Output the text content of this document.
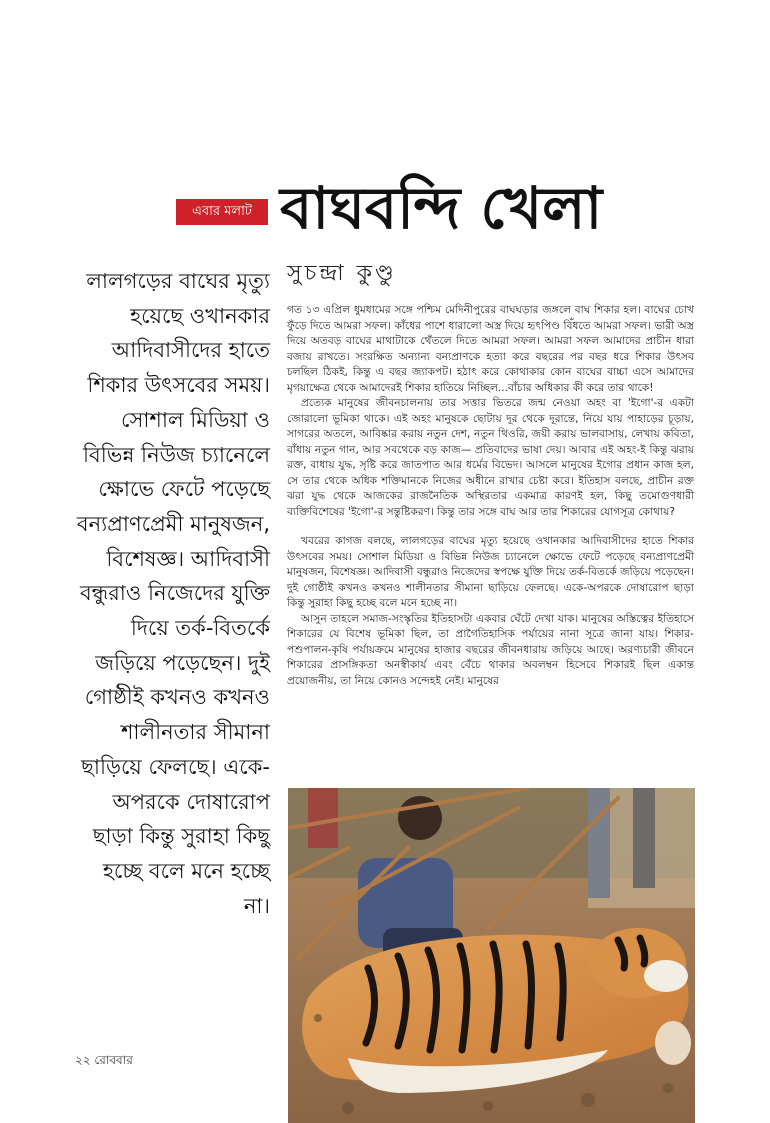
এবার মলাট বাঘবন্দি খেলা
সুচন্দ্রা কুণ্ডু
লালগড়ের বাঘের মৃত্যু হয়েছে ওখানকার আদিবাসীদের হাতে শিকার উৎসবের সময়। সোশাল মিডিয়া ও বিভিন্ন নিউজ চ্যানেলে ক্ষোভে ফেটে পড়েছে বন্যপ্রাণপ্রেমী মানুষজন, বিশেষজ্ঞ। আদিবাসী বন্ধুরাও নিজেদের যুক্তি দিয়ে তর্ক-বিতর্কে জড়িয়ে পড়েছেন। দুই গোষ্ঠীই কখনও কখনও শালীনতার সীমানা ছাড়িয়ে ফেলছে। একে-অপরকে দোষারোপ ছাড়া কিন্তু সুরাহা কিছু হচ্ছে বলে মনে হচ্ছে না।

গত ১৩ এপ্রিল ধুমধামের সঙ্গে পশ্চিম মেদিনীপুরের বাঘঘড়ার জঙ্গলে বাঘ শিকার হল। বাঘের চোখ ফুঁড়ে দিতে আমরা সফল। কাঁধের পাশে ধারালো অস্ত্র দিয়ে হৃৎপিণ্ড বিঁধতে আমরা সফল। ভারী অস্ত্র দিয়ে অতবড় বাঘের মাথাটাকে থেঁতলে দিতে আমরা সফল। আমরা সফল আমাদের প্রাচীন ধারা বজায় রাখতে। সংরক্ষিত অন্যান্য বন্যপ্রাণকে হত্যা করে বছরের পর বছর ধরে শিকার উৎসব চলছিল ঠিকই, কিন্তু এ বছর জ্যাকপট। হঠাৎ করে কোথাকার কোন বাঘের বাচ্চা এসে আমাদের মৃগয়াক্ষেত্র থেকে আমাদেরই শিকার হাতিয়ে নিচ্ছিল...বাঁচার অধিকার কী করে তার থাকে!

প্রত্যেক মানুষের জীবনচালনায় তার সত্তার ভিতরে জন্ম নেওয়া অহং বা 'ইগো'-র একটা জোরালো ভূমিকা থাকে। এই অহং মানুষকে ছোটায় দূর থেকে দূরান্তে, নিয়ে যায় পাহাড়ের চূড়ায়, সাগরের অতলে, আবিষ্কার করায় নতুন দেশ, নতুন থিওরি, জয়ী করায় ভালবাসায়, লেখায় কবিতা, বাঁধায় নতুন গান, আর সবথেকে বড় কাজ— প্রতিবাদের ভাষা দেয়। আবার এই অহং-ই কিন্তু ঝরায় রক্ত, বাধায় যুদ্ধ, সৃষ্টি করে জাতপাত আর ধর্মের বিভেদ। আসলে মানুষের ইগোর প্রধান কাজ হল, সে তার থেকে অধিক শক্তিমানকে নিজের অধীনে রাখার চেষ্টা করে। ইতিহাস বলছে, প্রাচীন রক্ত ঝরা যুদ্ধ থেকে আজকের রাজনৈতিক অস্থিরতার একমাত্র কারণই হল, কিছু তমোগুণধারী ব্যক্তিবিশেষের 'ইগো'-র সন্তুষ্টিকরণ। কিন্তু তার সঙ্গে বাঘ আর তার শিকারের যোগসূত্র কোথায়?

খবরের কাগজ বলছে, লালগড়ের বাঘের মৃত্যু হয়েছে ওখানকার আদিবাসীদের হাতে শিকার উৎসবের সময়। সোশাল মিডিয়া ও বিভিন্ন নিউজ চ্যানেলে ক্ষোভে ফেটে পড়েছে বন্যপ্রাণপ্রেমী মানুষজন, বিশেষজ্ঞ। আদিবাসী বন্ধুরাও নিজেদের স্বপক্ষে যুক্তি দিয়ে তর্ক-বিতর্কে জড়িয়ে পড়েছেন। দুই গোষ্ঠীই কখনও কখনও শালীনতার সীমানা ছাড়িয়ে ফেলছে। একে-অপরকে দোষারোপ ছাড়া কিন্তু সুরাহা কিছু হচ্ছে বলে মনে হচ্ছে না।

আসুন তাহলে সমাজ-সংস্কৃতির ইতিহাসটা একবার ঘেঁটে দেখা যাক। মানুষের অস্তিত্বের ইতিহাসে শিকারের যে বিশেষ ভূমিকা ছিল, তা প্রাগৈতিহাসিক পর্যায়ের নানা সূত্রে জানা যায়। শিকার-পশুপালন-কৃষি পর্যায়ক্রমে মানুষের হাজার বছরের জীবনধারায় জড়িয়ে আছে। অরণ্যচারী জীবনে শিকারের প্রাসঙ্গিকতা অনস্বীকার্য এবং বেঁচে থাকার অবলম্বন হিসেবে শিকারই ছিল একান্ত প্রয়োজনীয়, তা নিয়ে কোনও সন্দেহই নেই। মানুষের

২২ রোববার
